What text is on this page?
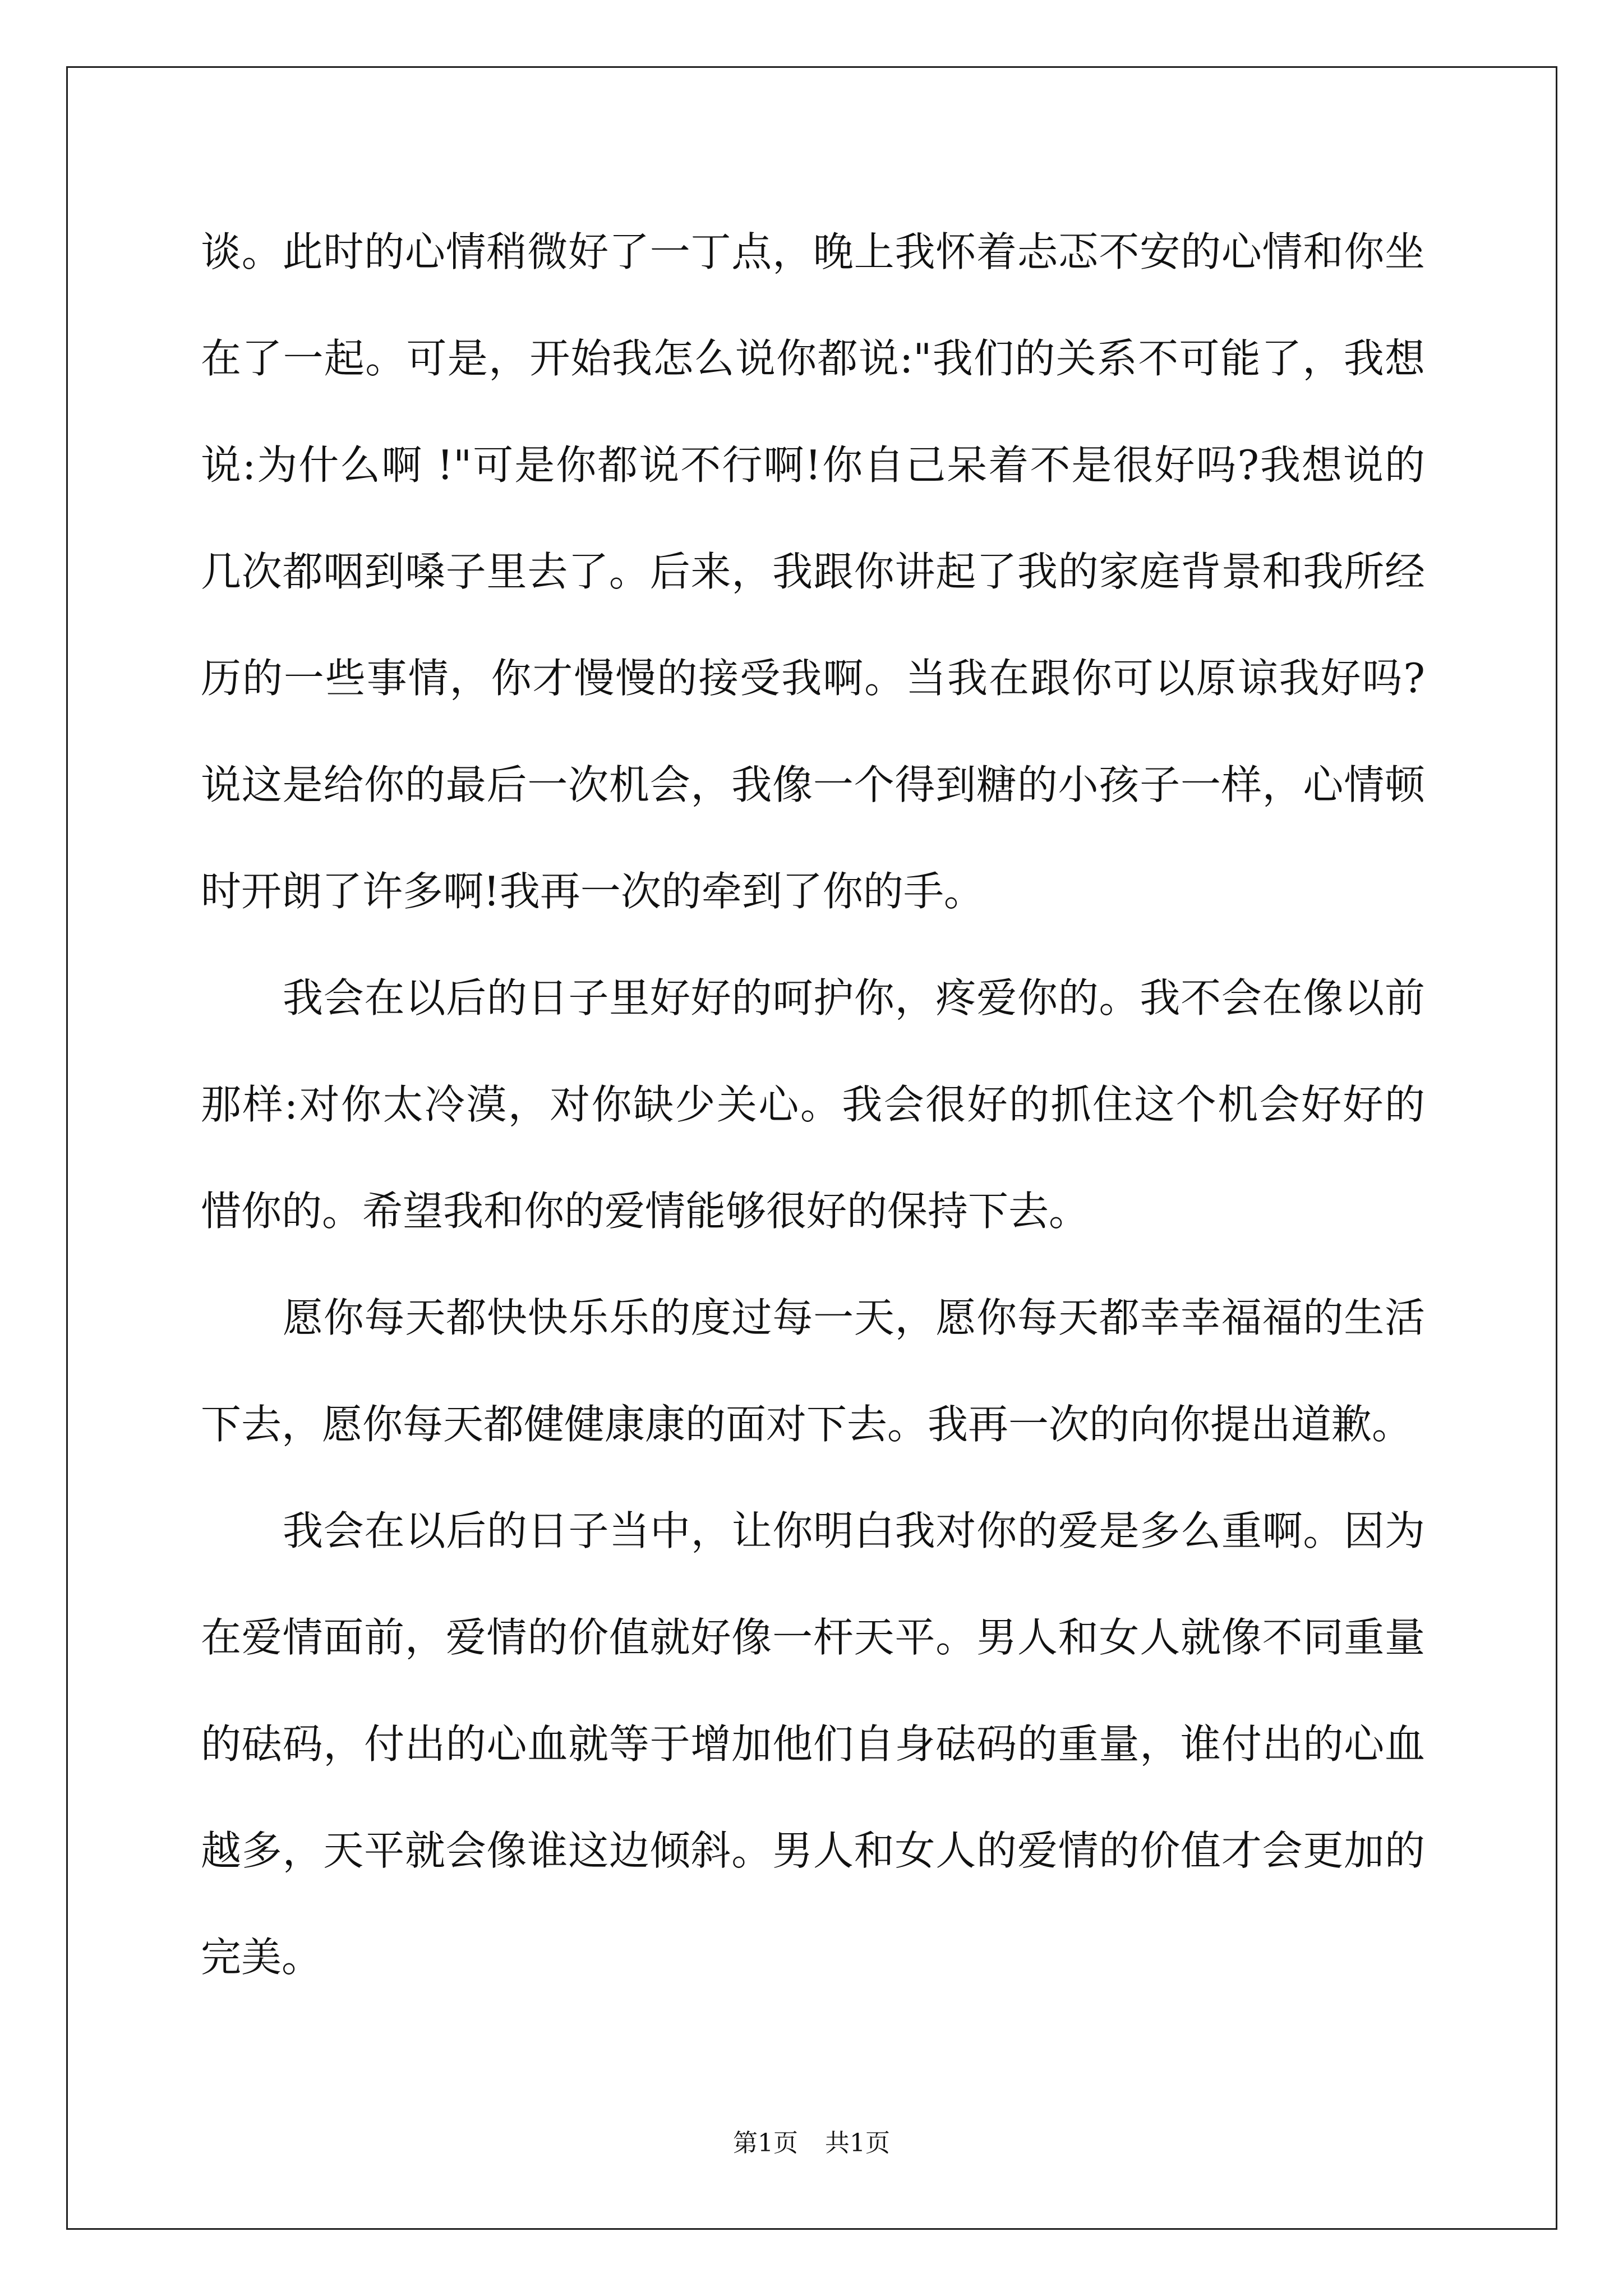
谈。此时的心情稍微好了一丁点，晚上我怀着忐忑不安的心情和你坐
在了一起。可是，开始我怎么说你都说:"我们的关系不可能了，我想
说:为什么啊 !"可是你都说不行啊!你自己呆着不是很好吗?我想说的
几次都咽到嗓子里去了。后来，我跟你讲起了我的家庭背景和我所经
历的一些事情，你才慢慢的接受我啊。当我在跟你可以原谅我好吗?
说这是给你的最后一次机会，我像一个得到糖的小孩子一样，心情顿
时开朗了许多啊!我再一次的牵到了你的手。
我会在以后的日子里好好的呵护你，疼爱你的。我不会在像以前
那样:对你太冷漠，对你缺少关心。我会很好的抓住这个机会好好的
惜你的。希望我和你的爱情能够很好的保持下去。
愿你每天都快快乐乐的度过每一天，愿你每天都幸幸福福的生活
下去，愿你每天都健健康康的面对下去。我再一次的向你提出道歉。
我会在以后的日子当中，让你明白我对你的爱是多么重啊。因为
在爱情面前，爱情的价值就好像一杆天平。男人和女人就像不同重量
的砝码，付出的心血就等于增加他们自身砝码的重量，谁付出的心血
越多，天平就会像谁这边倾斜。男人和女人的爱情的价值才会更加的
完美。
第1页 共1页
